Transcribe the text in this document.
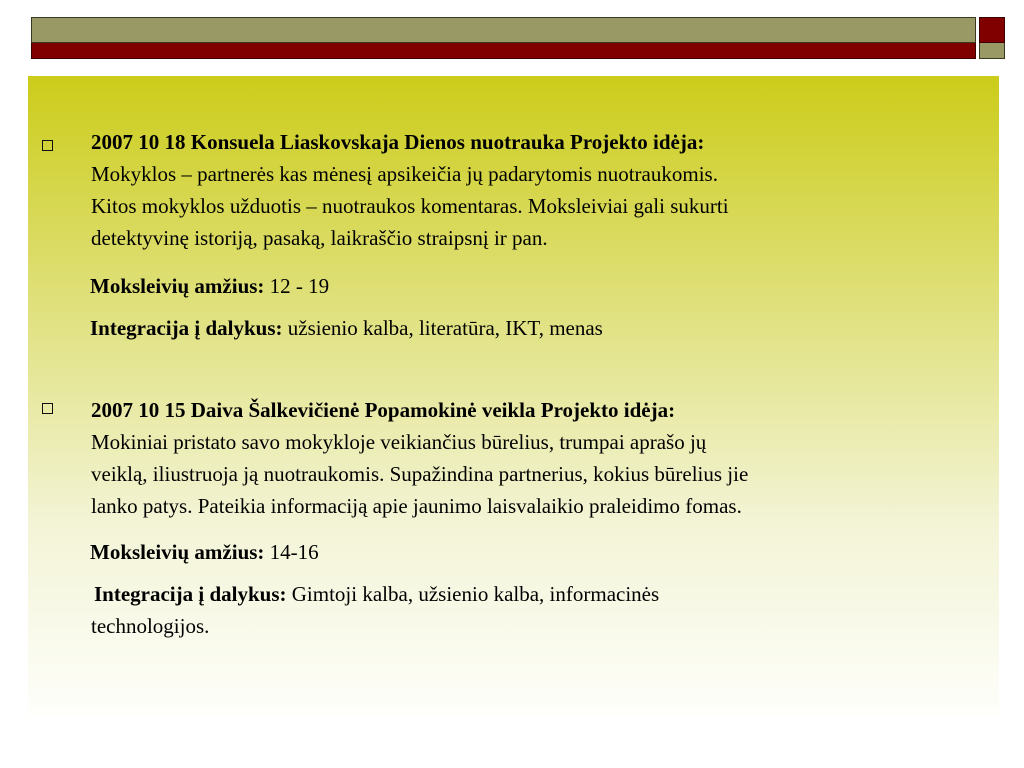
2007 10 18 Konsuela Liaskovskaja Dienos nuotrauka Projekto idėja:
Mokyklos – partnerės kas mėnesį apsikeičia jų padarytomis nuotraukomis.
Kitos mokyklos užduotis – nuotraukos komentaras. Moksleiviai gali sukurti
detektyvinę istoriją, pasaką, laikraščio straipsnį ir pan.
Moksleivių amžius: 12 - 19
Integracija į dalykus: užsienio kalba, literatūra, IKT, menas
2007 10 15 Daiva Šalkevičienė Popamokinė veikla Projekto idėja:
Mokiniai pristato savo mokykloje veikiančius būrelius, trumpai aprašo jų
veiklą, iliustruoja ją nuotraukomis. Supažindina partnerius, kokius būrelius jie
lanko patys. Pateikia informaciją apie jaunimo laisvalaikio praleidimo fomas.
Moksleivių amžius: 14-16
Integracija į dalykus: Gimtoji kalba, užsienio kalba, informacinės
technologijos.
